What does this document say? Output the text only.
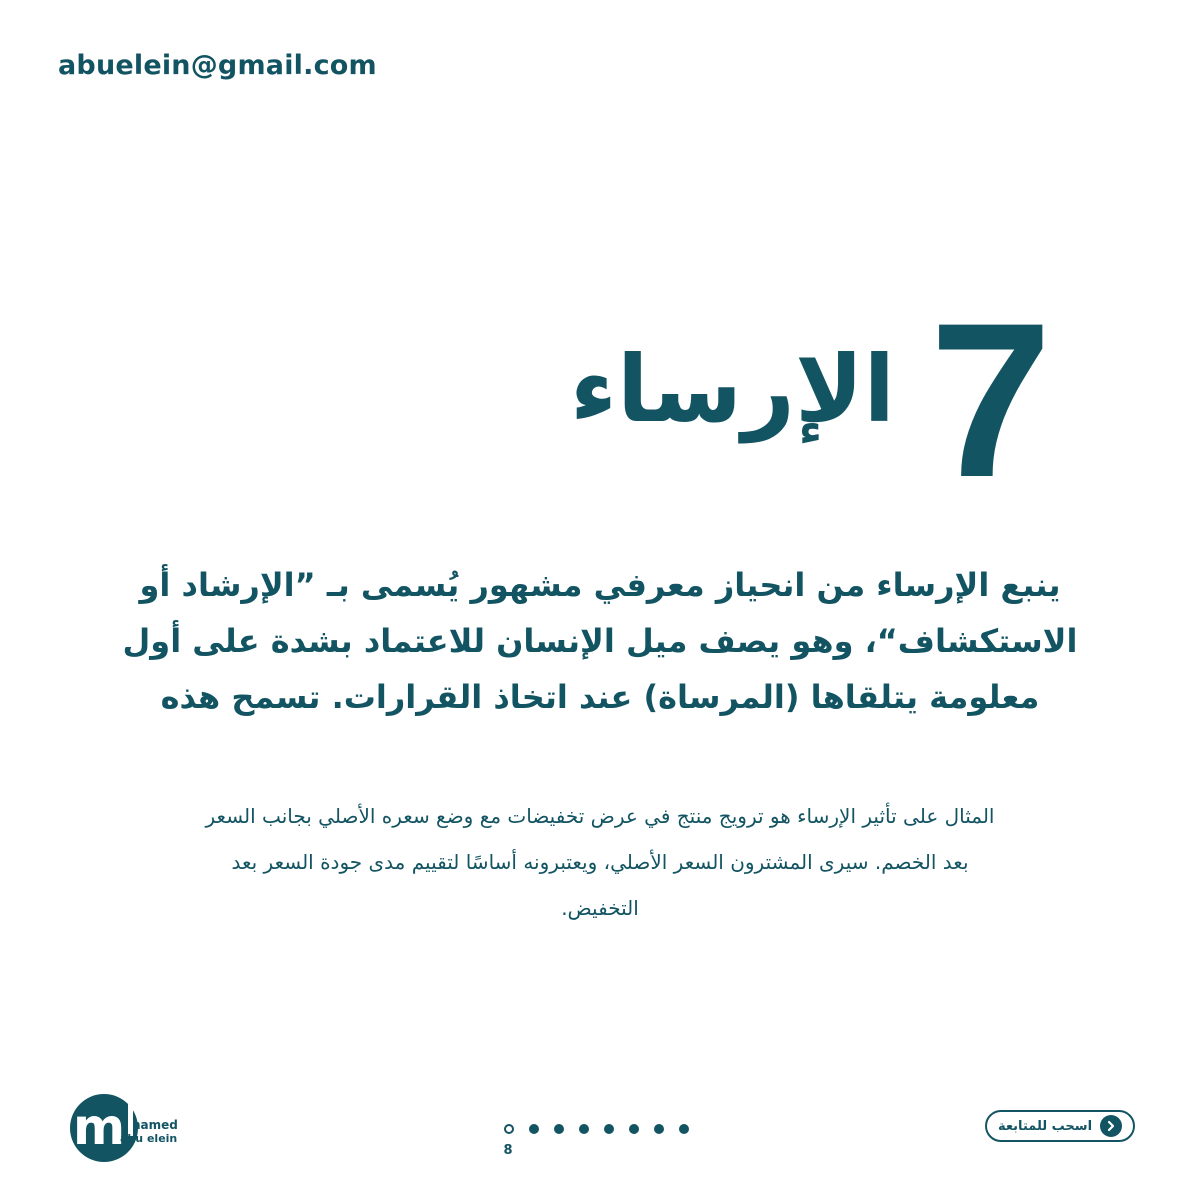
abuelein@gmail.com
7
الإرساء
ينبع الإرساء من انحياز معرفي مشهور يُسمى بـ ”الإرشاد أو
الاستكشاف“، وهو يصف ميل الإنسان للاعتماد بشدة على أول
معلومة يتلقاها (المرساة) عند اتخاذ القرارات. تسمح هذه
المثال على تأثير الإرساء هو ترويج منتج في عرض تخفيضات مع وضع سعره الأصلي بجانب السعر
بعد الخصم. سيرى المشترون السعر الأصلي، ويعتبرونه أساسًا لتقييم مدى جودة السعر بعد
التخفيض.
m hamed
abu elein
8
اسحب للمتابعة
